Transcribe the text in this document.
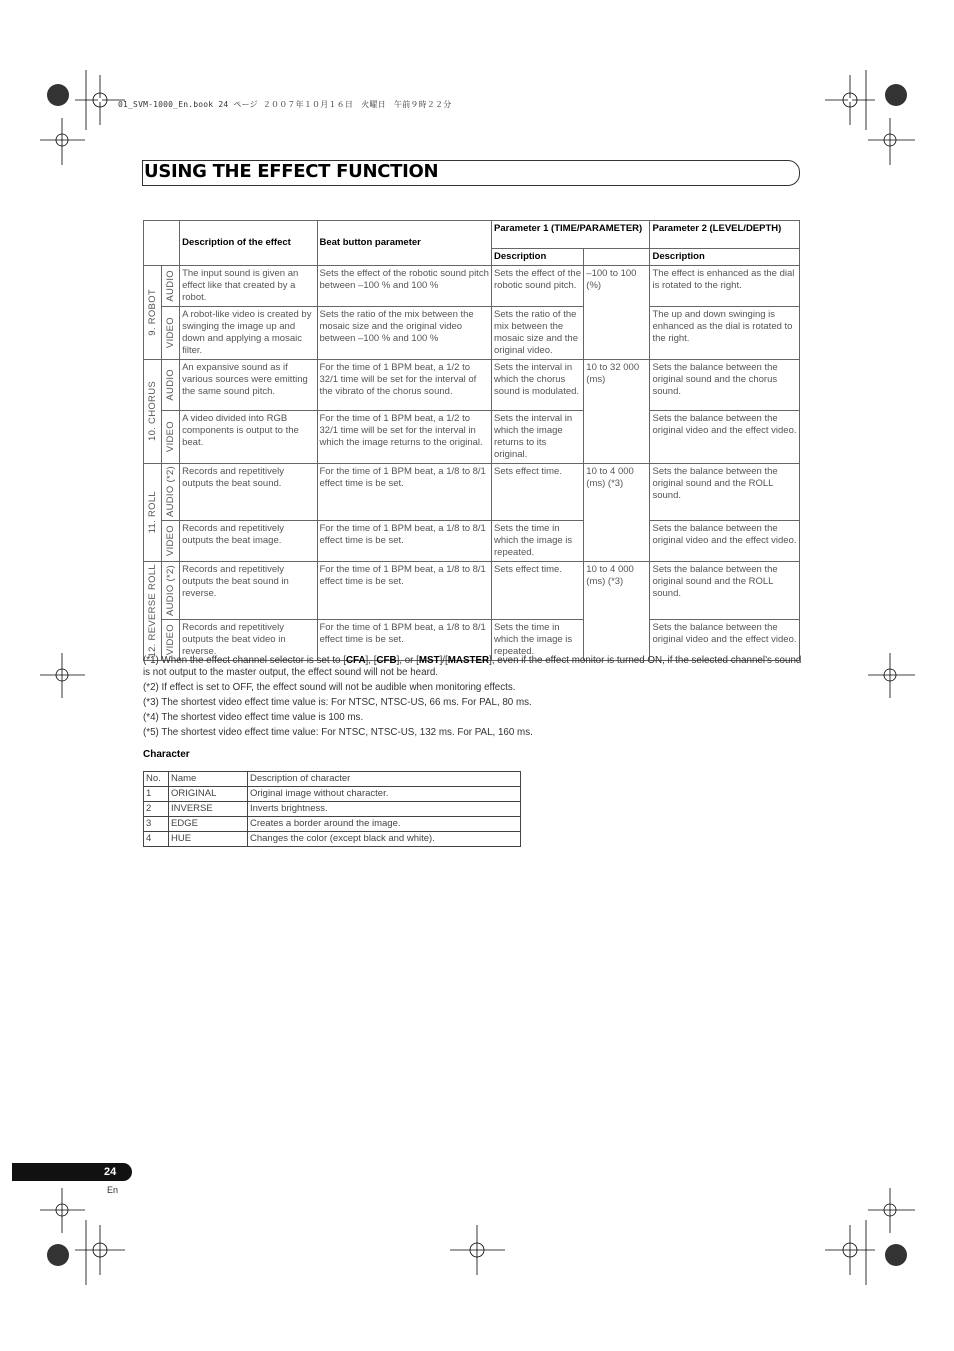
01_SVM-1000_En.book 24 ページ ２００７年１０月１６日　火曜日　午前９時２２分
USING THE EFFECT FUNCTION
		Description of the effect	Beat button parameter	Parameter 1 (TIME/PARAMETER)		Parameter 2 (LEVEL/DEPTH)
				Description		Description

9. ROBOT	AUDIO	The input sound is given an effect like that created by a robot.	Sets the effect of the robotic sound pitch between –100 % and 100 %	Sets the effect of the robotic sound pitch.	–100 to 100 (%)	The effect is enhanced as the dial is rotated to the right.

	VIDEO	A robot-like video is created by swinging the image up and down and applying a mosaic filter.	Sets the ratio of the mix between the mosaic size and the original video between –100 % and 100 %	Sets the ratio of the mix between the mosaic size and the original video.		The up and down swinging is enhanced as the dial is rotated to the right.

10. CHORUS	AUDIO	An expansive sound as if various sources were emitting the same sound pitch.	For the time of 1 BPM beat, a 1/2 to 32/1 time will be set for the interval of the vibrato of the chorus sound.	Sets the interval in which the chorus sound is modulated.	10 to 32 000 (ms)	Sets the balance between the original sound and the chorus sound.

	VIDEO	A video divided into RGB components is output to the beat.	For the time of 1 BPM beat, a 1/2 to 32/1 time will be set for the interval in which the image returns to the original.	Sets the interval in which the image returns to its original.		Sets the balance between the original video and the effect video.

11. ROLL	AUDIO (*2)	Records and repetitively outputs the beat sound.	For the time of 1 BPM beat, a 1/8 to 8/1 effect time is be set.	Sets effect time.	10 to 4 000 (ms) (*3)	Sets the balance between the original sound and the ROLL sound.

	VIDEO	Records and repetitively outputs the beat image.	For the time of 1 BPM beat, a 1/8 to 8/1 effect time is be set.	Sets the time in which the image is repeated.		Sets the balance between the original video and the effect video.

12. REVERSE ROLL	AUDIO (*2)	Records and repetitively outputs the beat sound in reverse.	For the time of 1 BPM beat, a 1/8 to 8/1 effect time is be set.	Sets effect time.	10 to 4 000 (ms) (*3)	Sets the balance between the original sound and the ROLL sound.

	VIDEO	Records and repetitively outputs the beat video in reverse.	For the time of 1 BPM beat, a 1/8 to 8/1 effect time is be set.	Sets the time in which the image is repeated.		Sets the balance between the original video and the effect video.

(*1) When the effect channel selector is set to [CFA], [CFB], or [MST]/[MASTER], even if the effect monitor is turned ON, if the selected channel’s sound is not output to the master output, the effect sound will not be heard.

(*2) If effect is set to OFF, the effect sound will not be audible when monitoring effects.

(*3) The shortest video effect time value is: For NTSC, NTSC-US, 66 ms. For PAL, 80 ms.

(*4) The shortest video effect time value is 100 ms.

(*5) The shortest video effect time value: For NTSC, NTSC-US, 132 ms. For PAL, 160 ms.

Character
No.	Name	Description of character
1	ORIGINAL	Original image without character.
2	INVERSE	Inverts brightness.
3	EDGE	Creates a border around the image.
4	HUE	Changes the color (except black and white).
24
En
